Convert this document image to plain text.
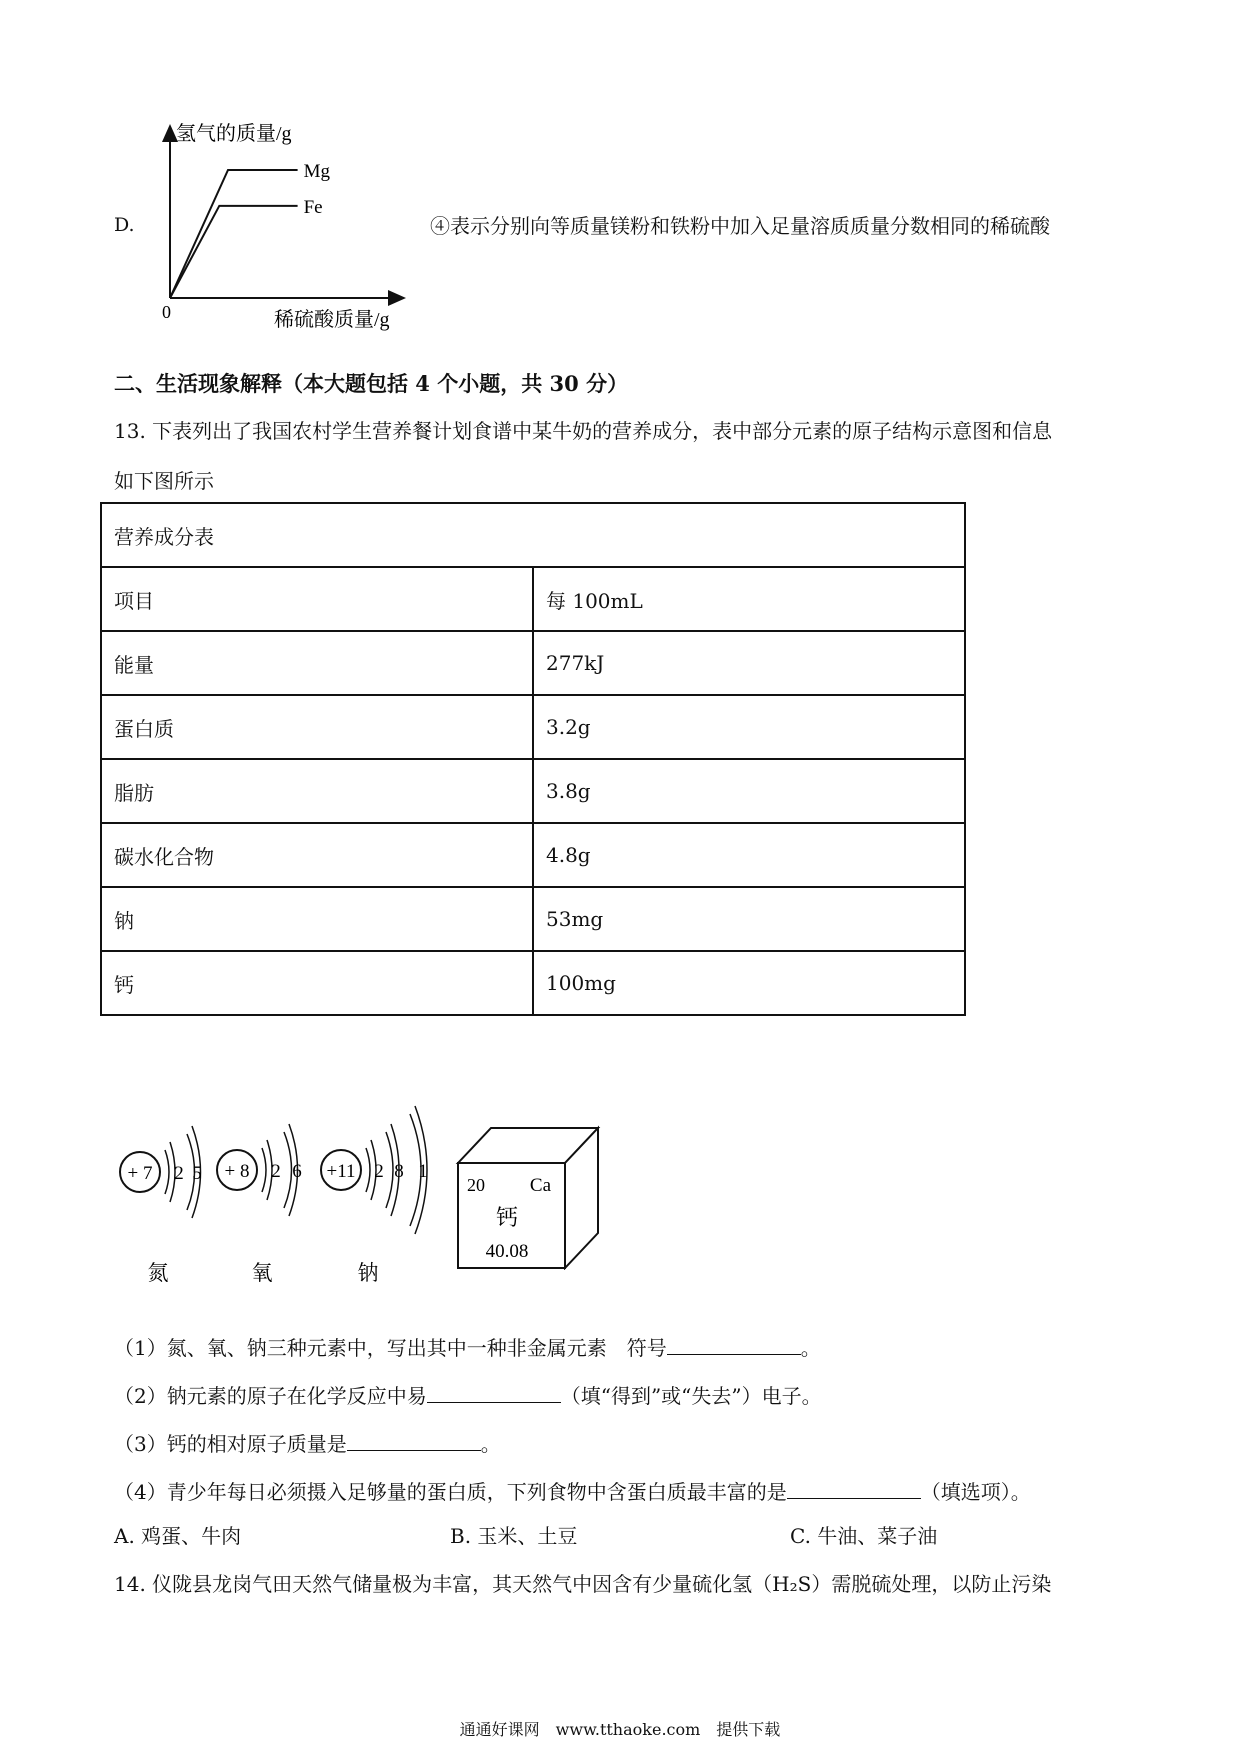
D.
氢气的质量/g
稀硫酸质量/g
0
Mg
Fe
④表示分别向等质量镁粉和铁粉中加入足量溶质质量分数相同的稀硫酸
二、生活现象解释（本大题包括 4 个小题，共 30 分）
13. 下表列出了我国农村学生营养餐计划食谱中某牛奶的营养成分，表中部分元素的原子结构示意图和信息
如下图所示
营养成分表	
项目	每 100mL
能量	277kJ
蛋白质	3.2g
脂肪	3.8g
碳水化合物	4.8g
钠	53mg
钙	100mg
+ 7 2 5
氮
+ 8 2 6
氧
+11 2 8 1
钠
20 Ca
钙
40.08
（1）氮、氧、钠三种元素中，写出其中一种非金属元素　符号	。
（2）钠元素的原子在化学反应中易	（填“得到”或“失去”）电子。
（3）钙的相对原子质量是	。
（4）青少年每日必须摄入足够量的蛋白质，下列食物中含蛋白质最丰富的是	（填选项）。
A. 鸡蛋、牛肉	B. 玉米、土豆	C. 牛油、菜子油
14. 仪陇县龙岗气田天然气储量极为丰富，其天然气中因含有少量硫化氢（H₂S）需脱硫处理，以防止污染
通通好课网　www.tthaoke.com　提供下载
